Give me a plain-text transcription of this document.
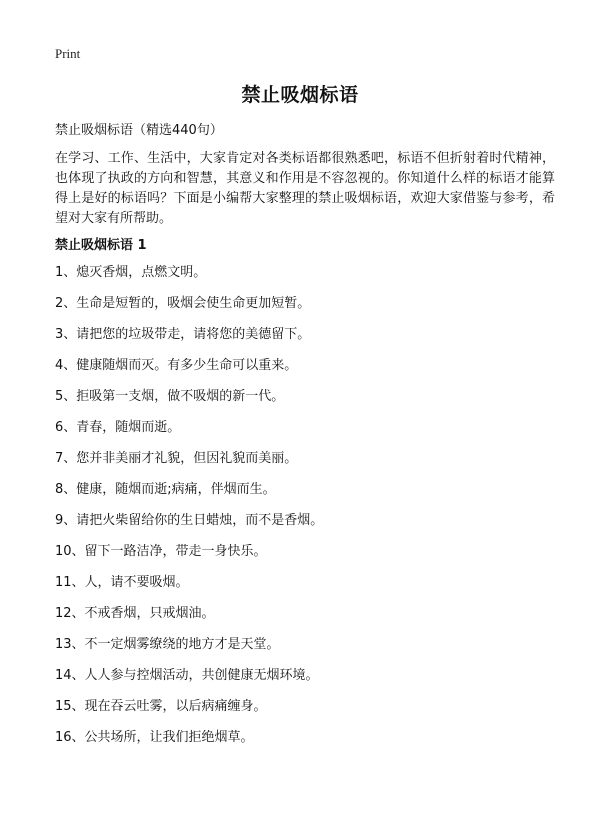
Print
禁止吸烟标语
禁止吸烟标语（精选440句）
在学习、工作、生活中，大家肯定对各类标语都很熟悉吧，标语不但折射着时代精神，也体现了执政的方向和智慧，其意义和作用是不容忽视的。你知道什么样的标语才能算得上是好的标语吗？下面是小编帮大家整理的禁止吸烟标语，欢迎大家借鉴与参考，希望对大家有所帮助。
禁止吸烟标语 1
1、熄灭香烟，点燃文明。
2、生命是短暂的，吸烟会使生命更加短暂。
3、请把您的垃圾带走，请将您的美德留下。
4、健康随烟而灭。有多少生命可以重来。
5、拒吸第一支烟，做不吸烟的新一代。
6、青春，随烟而逝。
7、您并非美丽才礼貌，但因礼貌而美丽。
8、健康，随烟而逝;病痛，伴烟而生。
9、请把火柴留给你的生日蜡烛，而不是香烟。
10、留下一路洁净，带走一身快乐。
11、人，请不要吸烟。
12、不戒香烟，只戒烟油。
13、不一定烟雾缭绕的地方才是天堂。
14、人人参与控烟活动，共创健康无烟环境。
15、现在吞云吐雾，以后病痛缠身。
16、公共场所，让我们拒绝烟草。
